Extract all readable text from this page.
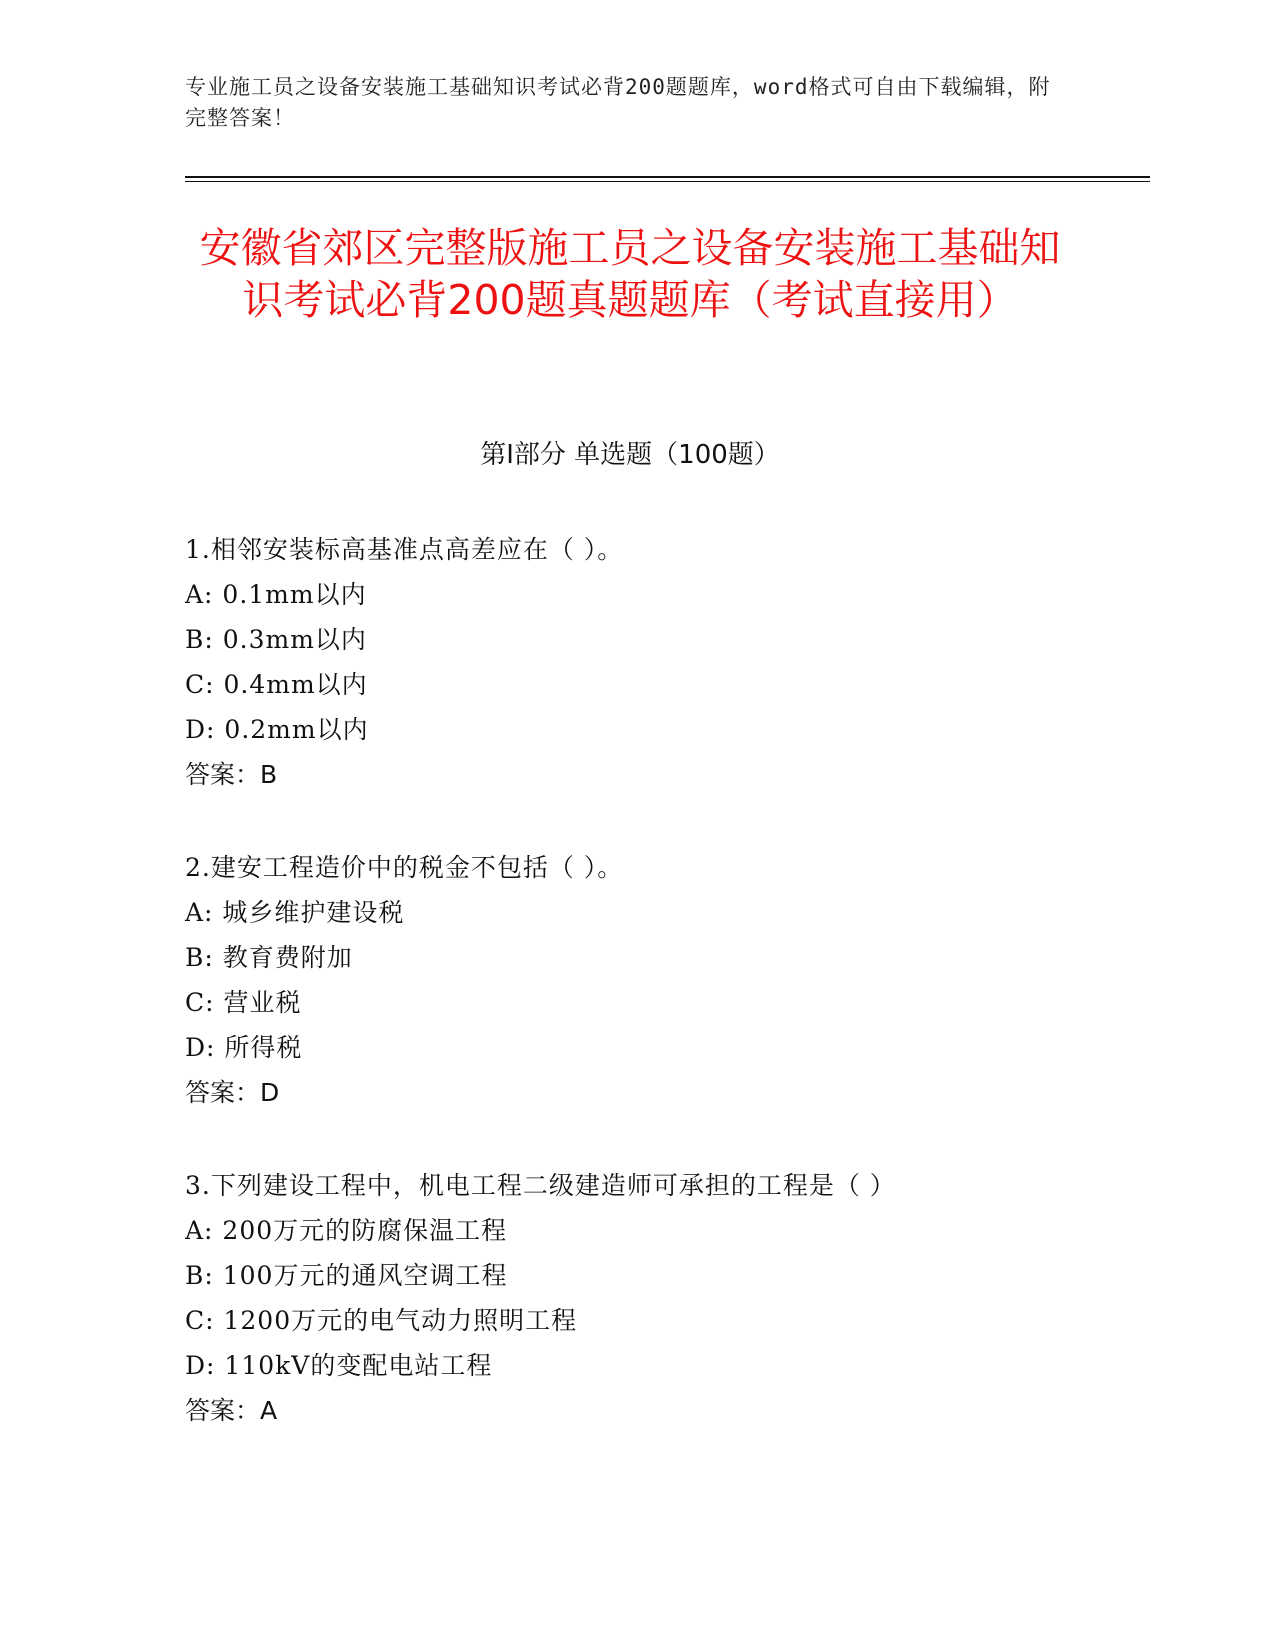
专业施工员之设备安装施工基础知识考试必背200题题库，word格式可自由下载编辑，附完整答案！
安徽省郊区完整版施工员之设备安装施工基础知识考试必背200题真题题库（考试直接用）
第I部分 单选题（100题）
1.相邻安装标高基准点高差应在（ ）。
A: 0.1mm以内
B: 0.3mm以内
C: 0.4mm以内
D: 0.2mm以内
答案：B
2.建安工程造价中的税金不包括（ ）。
A: 城乡维护建设税
B: 教育费附加
C: 营业税
D: 所得税
答案：D
3.下列建设工程中，机电工程二级建造师可承担的工程是（ ）
A: 200万元的防腐保温工程
B: 100万元的通风空调工程
C: 1200万元的电气动力照明工程
D: 110kV的变配电站工程
答案：A
